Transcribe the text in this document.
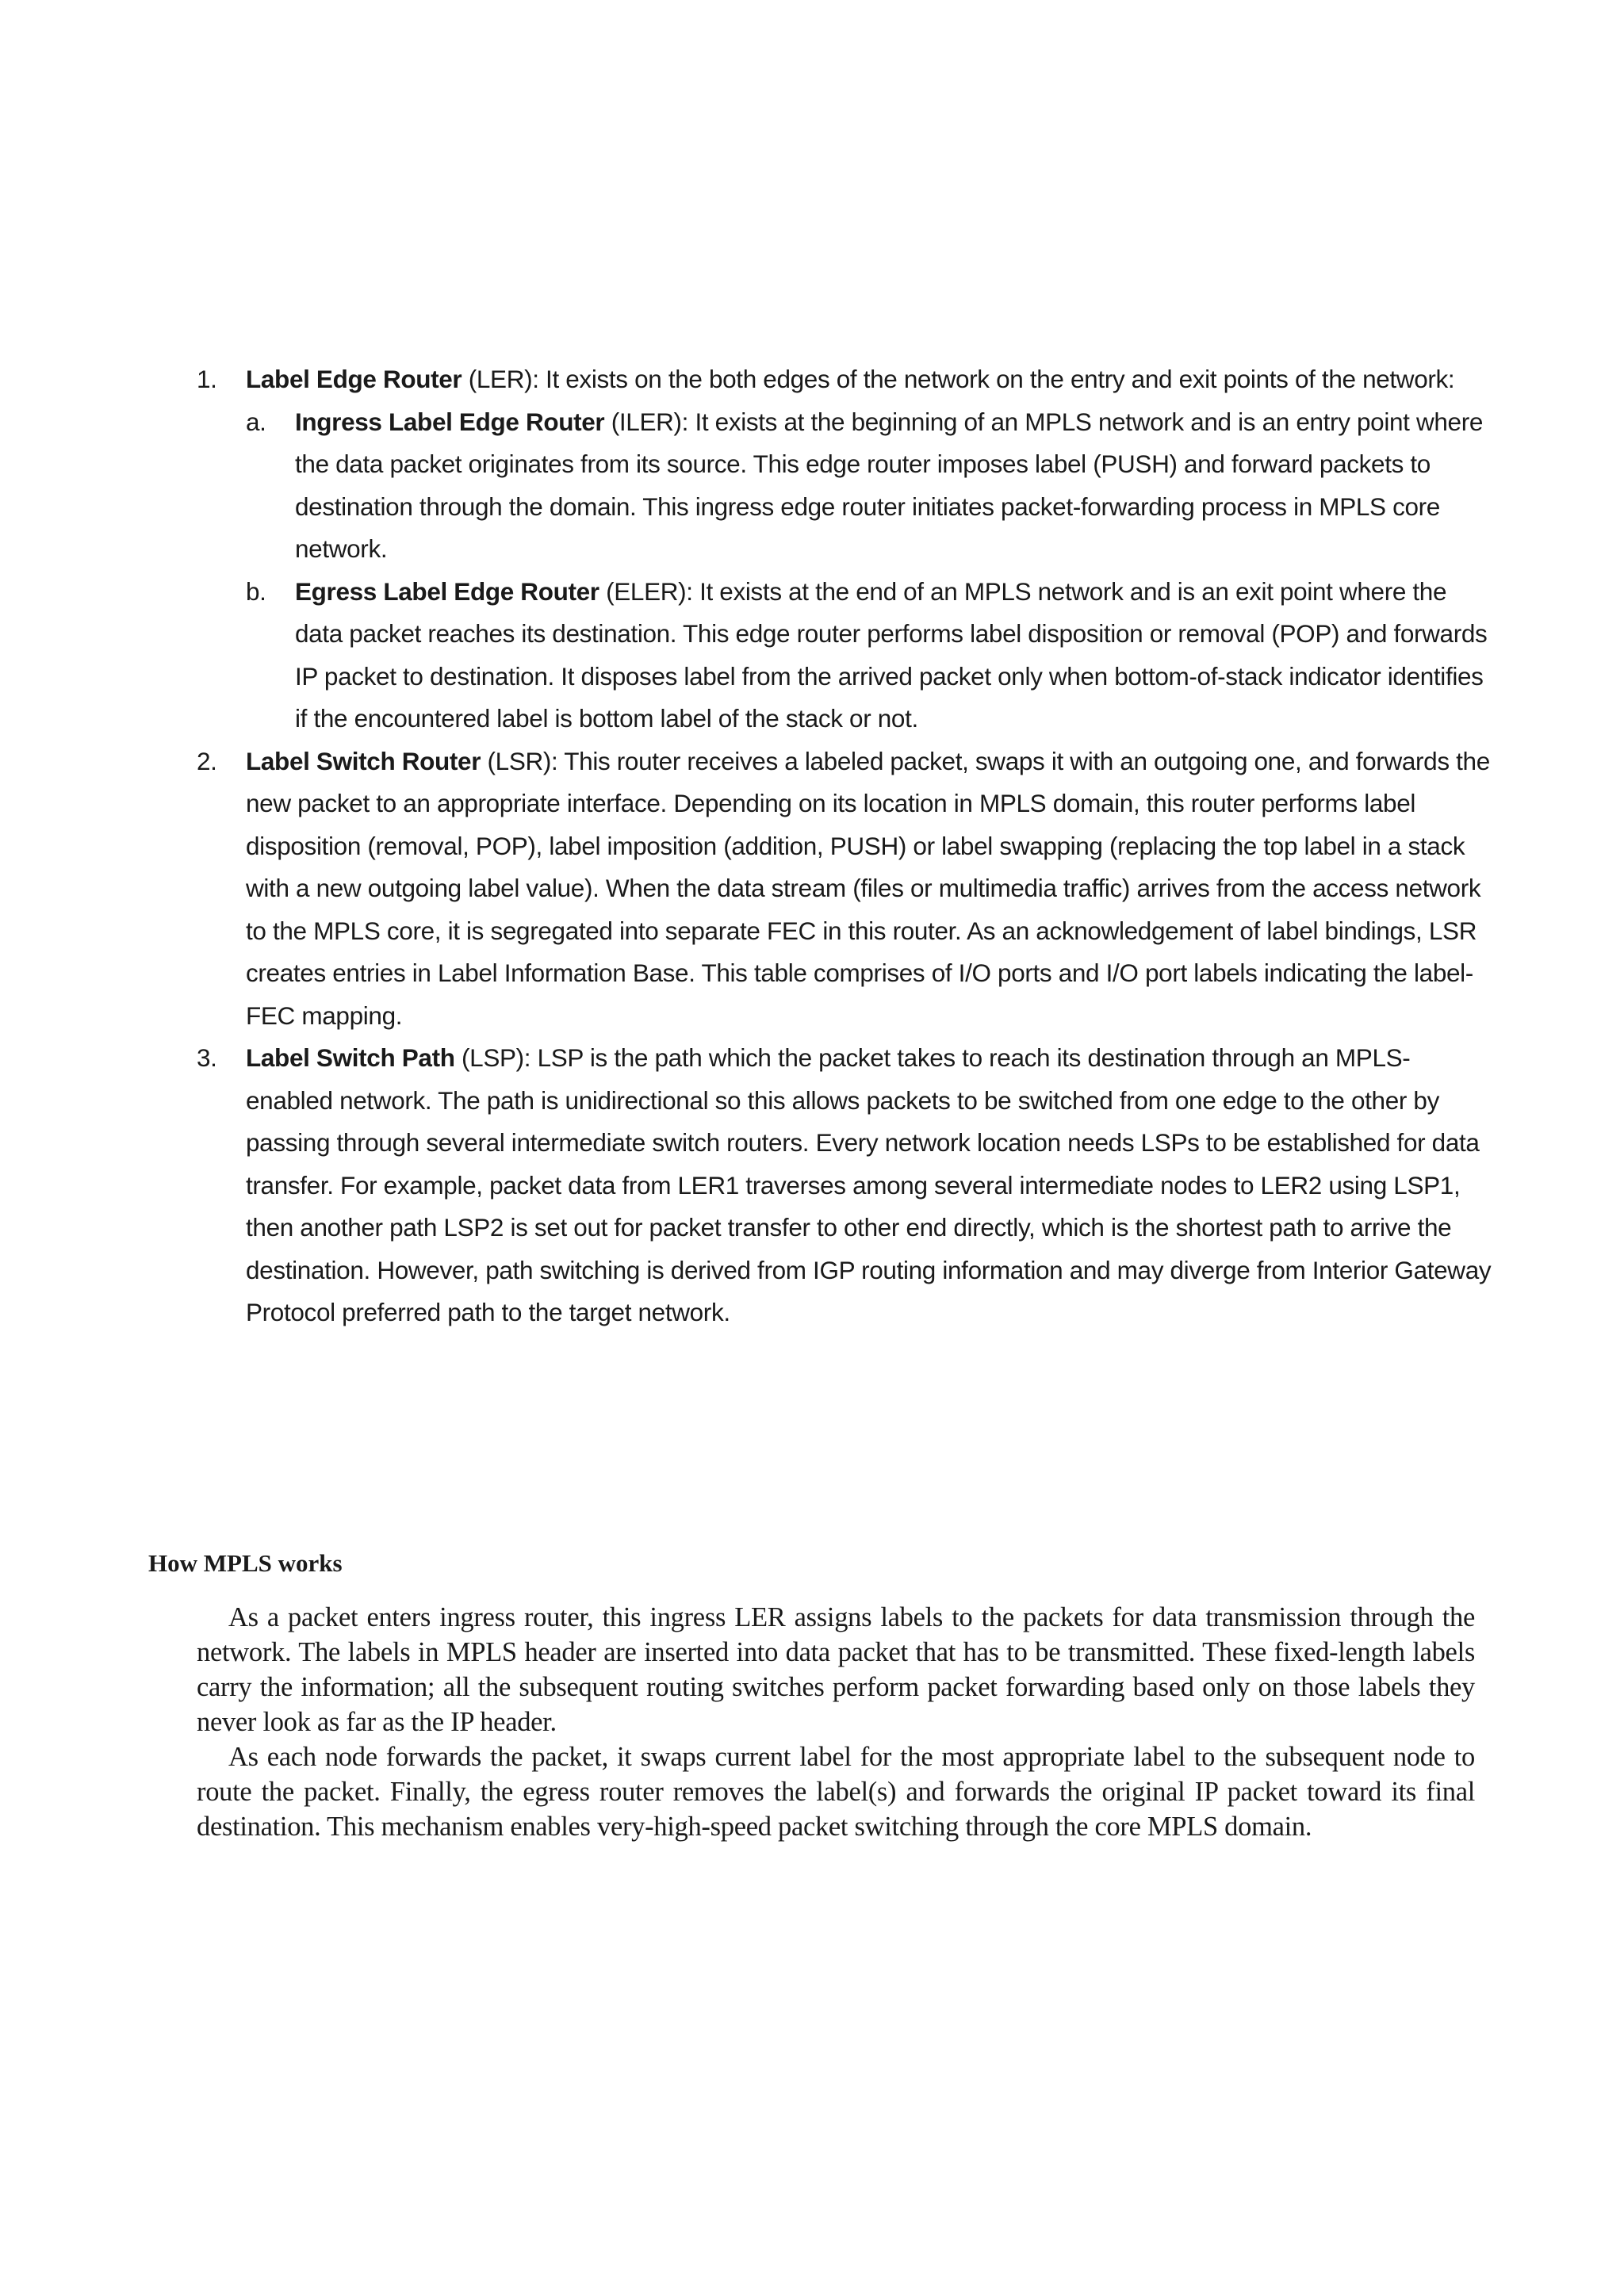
1.	Label Edge Router (LER): It exists on the both edges of the network on the entry and exit points of the network:
a.	Ingress Label Edge Router (ILER): It exists at the beginning of an MPLS network and is an entry point where the data packet originates from its source. This edge router imposes label (PUSH) and forward packets to destination through the domain. This ingress edge router initiates packet-forwarding process in MPLS core network.
b.	Egress Label Edge Router (ELER): It exists at the end of an MPLS network and is an exit point where the data packet reaches its destination. This edge router performs label disposition or removal (POP) and forwards IP packet to destination. It disposes label from the arrived packet only when bottom-of-stack indicator identifies if the encountered label is bottom label of the stack or not.
2.	Label Switch Router (LSR): This router receives a labeled packet, swaps it with an outgoing one, and forwards the new packet to an appropriate interface. Depending on its location in MPLS domain, this router performs label disposition (removal, POP), label imposition (addition, PUSH) or label swapping (replacing the top label in a stack with a new outgoing label value). When the data stream (files or multimedia traffic) arrives from the access network to the MPLS core, it is segregated into separate FEC in this router. As an acknowledgement of label bindings, LSR creates entries in Label Information Base. This table comprises of I/O ports and I/O port labels indicating the label-FEC mapping.
3.	Label Switch Path (LSP): LSP is the path which the packet takes to reach its destination through an MPLS-enabled network. The path is unidirectional so this allows packets to be switched from one edge to the other by passing through several intermediate switch routers. Every network location needs LSPs to be established for data transfer. For example, packet data from LER1 traverses among several intermediate nodes to LER2 using LSP1, then another path LSP2 is set out for packet transfer to other end directly, which is the shortest path to arrive the destination. However, path switching is derived from IGP routing information and may diverge from Interior Gateway Protocol preferred path to the target network.
How MPLS works

As a packet enters ingress router, this ingress LER assigns labels to the packets for data transmission through the network. The labels in MPLS header are inserted into data packet that has to be transmitted. These fixed-length labels carry the information; all the subsequent routing switches perform packet forwarding based only on those labels they never look as far as the IP header.

As each node forwards the packet, it swaps current label for the most appropriate label to the subsequent node to route the packet. Finally, the egress router removes the label(s) and forwards the original IP packet toward its final destination. This mechanism enables very-high-speed packet switching through the core MPLS domain.
